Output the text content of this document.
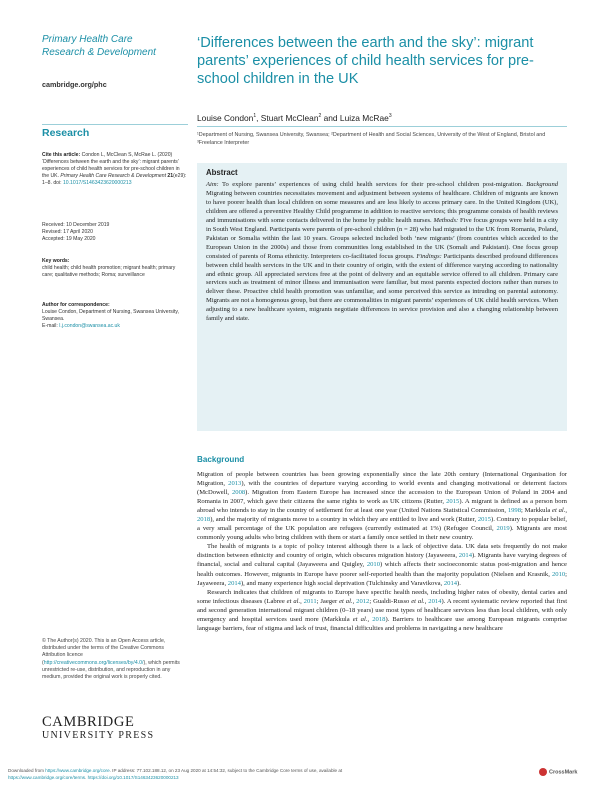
Primary Health Care
Research & Development
cambridge.org/phc
‘Differences between the earth and the sky’: migrant parents’ experiences of child health services for pre-school children in the UK
Louise Condon$^1$, Stuart McClean$^2$ and Luiza McRae$^3$
¹Department of Nursing, Swansea University, Swansea; ²Department of Health and Social Sciences, University of the West of England, Bristol and ³Freelance Interpreter
Research
Cite this article: Condon L, McClean S, McRae L. (2020) ‘Differences between the earth and the sky’: migrant parents’ experiences of child health services for pre-school children in the UK. Primary Health Care Research & Development 21(e29): 1–8. doi: 10.1017/S1463423620000213
Received: 10 December 2019
Revised: 17 April 2020
Accepted: 19 May 2020
Key words:
child health; child health promotion; migrant health; primary care; qualitative methods; Roma; surveillance
Author for correspondence:
Louise Condon, Department of Nursing, Swansea University, Swansea.
E-mail: l.j.condon@swansea.ac.uk
Abstract
Aim: To explore parents’ experiences of using child health services for their pre-school children post-migration. Background Migrating between countries necessitates movement and adjustment between systems of healthcare. Children of migrants are known to have poorer health than local children on some measures and are less likely to access primary care. In the United Kingdom (UK), children are offered a preventive Healthy Child programme in addition to reactive services; this programme consists of health reviews and immunisations with some contacts delivered in the home by public health nurses. Methods: Five focus groups were held in a city in South West England. Participants were parents of pre-school children (n = 28) who had migrated to the UK from Romania, Poland, Pakistan or Somalia within the last 10 years. Groups selected included both ‘new migrants’ (from countries which acceded to the European Union in the 2000s) and those from communities long established in the UK (Somali and Pakistani). One focus group consisted of parents of Roma ethnicity. Interpreters co-facilitated focus groups. Findings: Participants described profound differences between child health services in the UK and in their country of origin, with the extent of difference varying according to nationality and ethnic group. All appreciated services free at the point of delivery and an equitable service offered to all children. Primary care services such as treatment of minor illness and immunisation were familiar, but most parents expected doctors rather than nurses to deliver these. Proactive child health promotion was unfamiliar, and some perceived this service as intruding on parental autonomy. Migrants are not a homogenous group, but there are commonalities in migrant parents’ experiences of UK child health services. When adjusting to a new healthcare system, migrants negotiate differences in service provision and also a changing relationship between family and state.
Background

Migration of people between countries has been growing exponentially since the late 20th century (International Organisation for Migration, 2013), with the countries of departure varying according to world events and changing motivational or deterrent factors (McDowell, 2008). Migration from Eastern Europe has increased since the accession to the European Union of Poland in 2004 and Romania in 2007, which gave their citizens the same rights to work as UK citizens (Rutter, 2015). A migrant is defined as a person born abroad who intends to stay in the country of settlement for at least one year (United Nations Statistical Commission, 1998; Markkula et al., 2018), and the majority of migrants move to a country in which they are entitled to live and work (Rutter, 2015). Contrary to popular belief, a very small percentage of the UK population are refugees (currently estimated at 1%) (Refugee Council, 2019). Migrants are most commonly young adults who bring children with them or start a family once settled in their new country.

The health of migrants is a topic of policy interest although there is a lack of objective data. UK data sets frequently do not make distinction between ethnicity and country of origin, which obscures migration history (Jayaweera, 2014). Migrants have varying degrees of financial, social and cultural capital (Jayaweera and Quigley, 2010) which affects their socioeconomic status post-migration and hence health outcomes. However, migrants in Europe have poorer self-reported health than the majority population (Nielsen and Krasnik, 2010; Jayaweera, 2014), and many experience high social deprivation (Tulchinsky and Varavikova, 2014).

Research indicates that children of migrants to Europe have specific health needs, including higher rates of obesity, dental caries and some infectious diseases (Labree et al., 2011; Jaeger et al., 2012; Gualdi-Russo et al., 2014). A recent systematic review reported that first and second generation international migrant children (0–18 years) use most types of healthcare services less than local children, with only emergency and hospital services used more (Markkula et al., 2018). Barriers to healthcare use among European migrants comprise language barriers, fear of stigma and lack of trust, financial difficulties and problems in navigating a new healthcare

© The Author(s) 2020. This is an Open Access article, distributed under the terms of the Creative Commons Attribution licence (http://creativecommons.org/licenses/by/4.0/), which permits unrestricted re-use, distribution, and reproduction in any medium, provided the original work is properly cited.
CAMBRIDGE
UNIVERSITY PRESS
Downloaded from https://www.cambridge.org/core. IP address: 77.102.188.12, on 23 Aug 2020 at 14:54:32, subject to the Cambridge Core terms of use, available at
https://www.cambridge.org/core/terms. https://doi.org/10.1017/S1463423620000213
CrossMark
